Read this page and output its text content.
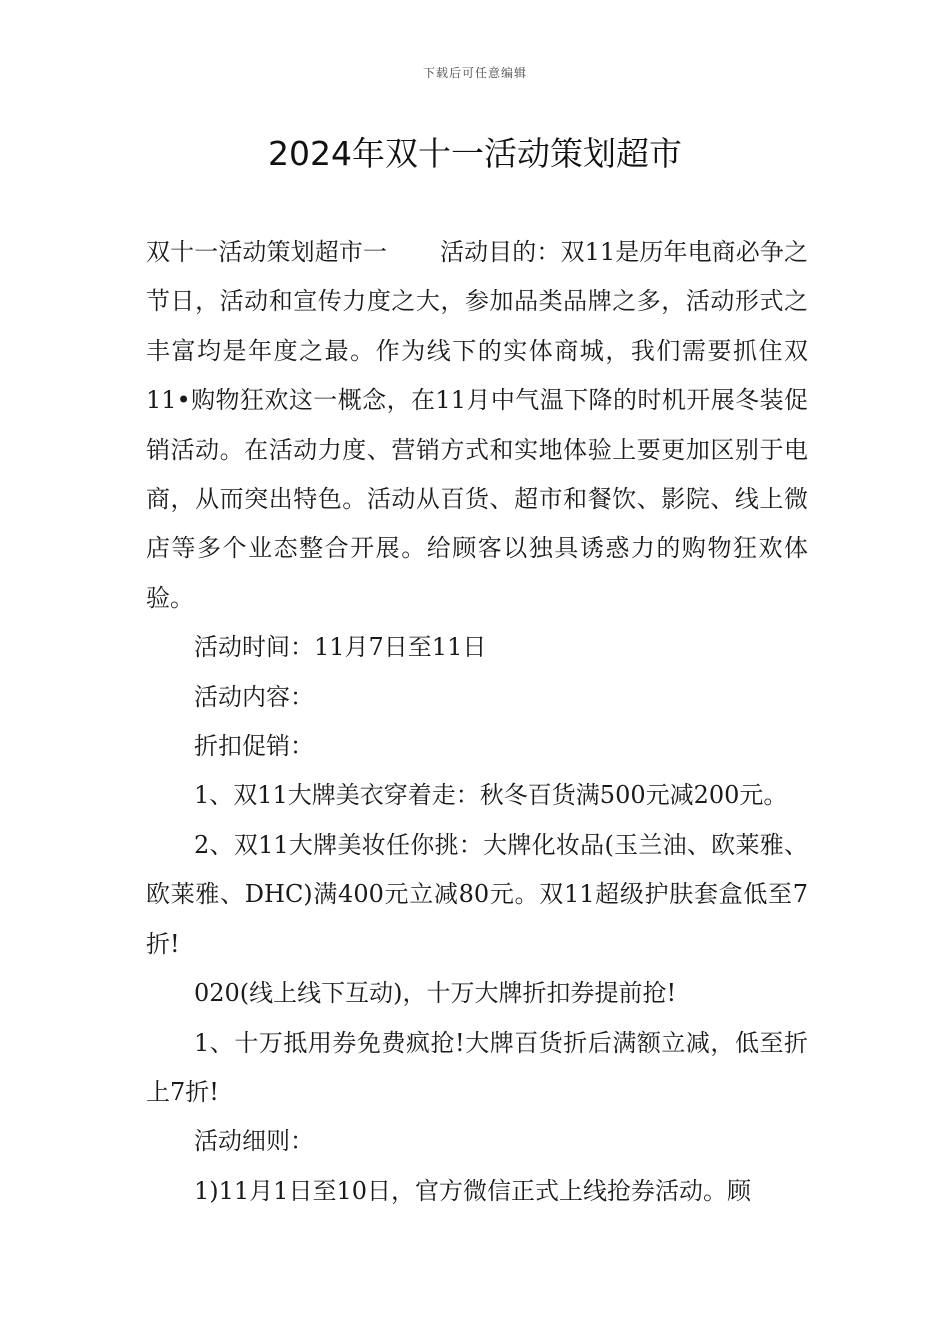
下载后可任意编辑
2024年双十一活动策划超市

双十一活动策划超市一 活动目的：双11是历年电商必争之节日，活动和宣传力度之大，参加品类品牌之多，活动形式之丰富均是年度之最。作为线下的实体商城，我们需要抓住双11•购物狂欢这一概念，在11月中气温下降的时机开展冬装促销活动。在活动力度、营销方式和实地体验上要更加区别于电商，从而突出特色。活动从百货、超市和餐饮、影院、线上微店等多个业态整合开展。给顾客以独具诱惑力的购物狂欢体验。

活动时间：11月7日至11日

活动内容：

折扣促销：

1、双11大牌美衣穿着走：秋冬百货满500元减200元。

2、双11大牌美妆任你挑：大牌化妆品(玉兰油、欧莱雅、欧莱雅、DHC)满400元立减80元。双11超级护肤套盒低至7折!

020(线上线下互动)，十万大牌折扣券提前抢!

1、十万抵用券免费疯抢!大牌百货折后满额立减，低至折上7折!

活动细则：

1)11月1日至10日，官方微信正式上线抢券活动。顾
